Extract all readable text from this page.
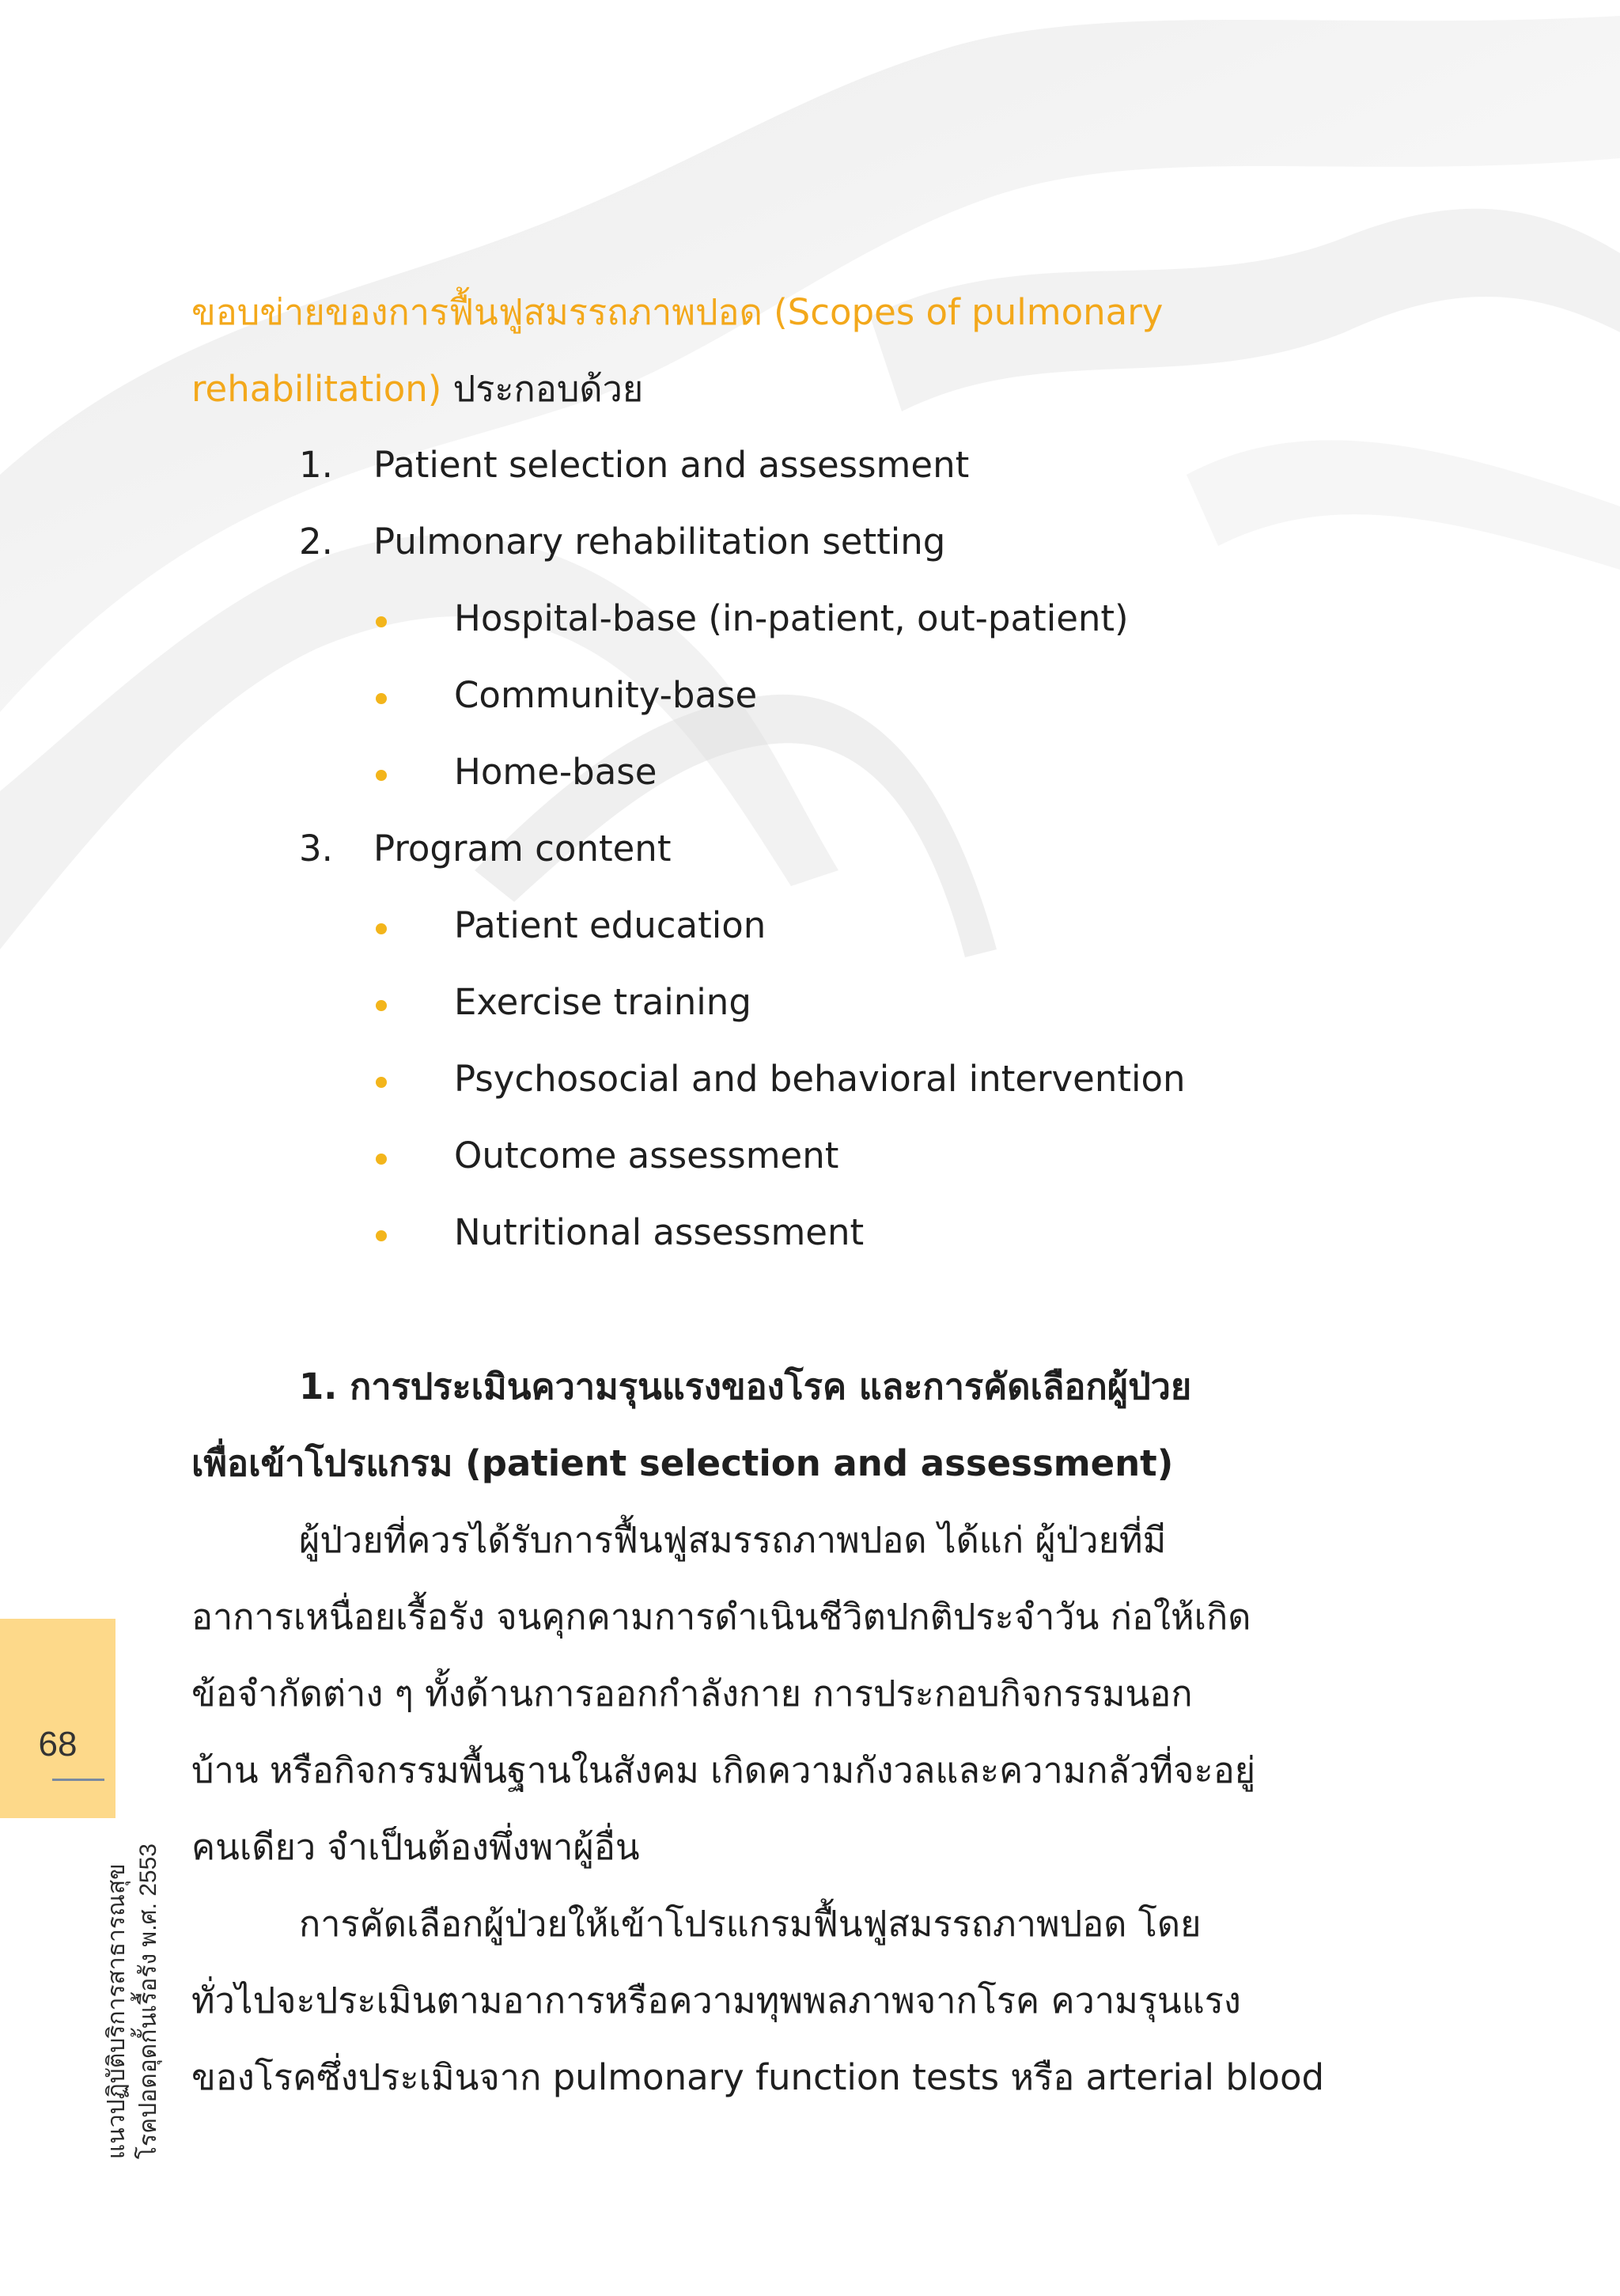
ขอบข่ายของการฟื้นฟูสมรรถภาพปอด (Scopes of pulmonary
rehabilitation) ประกอบด้วย
1. Patient selection and assessment
2. Pulmonary rehabilitation setting
Hospital-base (in-patient, out-patient)
Community-base
Home-base
3. Program content
Patient education
Exercise training
Psychosocial and behavioral intervention
Outcome assessment
Nutritional assessment
1. การประเมินความรุนแรงของโรค และการคัดเลือกผู้ป่วย
เพื่อเข้าโปรแกรม (patient selection and assessment)
ผู้ป่วยที่ควรได้รับการฟื้นฟูสมรรถภาพปอด ได้แก่ ผู้ป่วยที่มี
อาการเหนื่อยเรื้อรัง จนคุกคามการดำเนินชีวิตปกติประจำวัน ก่อให้เกิด
ข้อจำกัดต่าง ๆ ทั้งด้านการออกกำลังกาย การประกอบกิจกรรมนอก
บ้าน หรือกิจกรรมพื้นฐานในสังคม เกิดความกังวลและความกลัวที่จะอยู่
คนเดียว จำเป็นต้องพึ่งพาผู้อื่น
การคัดเลือกผู้ป่วยให้เข้าโปรแกรมฟื้นฟูสมรรถภาพปอด โดย
ทั่วไปจะประเมินตามอาการหรือความทุพพลภาพจากโรค ความรุนแรง
ของโรคซึ่งประเมินจาก pulmonary function tests หรือ arterial blood
68
แนวปฏิบัติบริการสาธารณสุข โรคปอดอุดกั้นเรื้อรัง พ.ศ. 2553
